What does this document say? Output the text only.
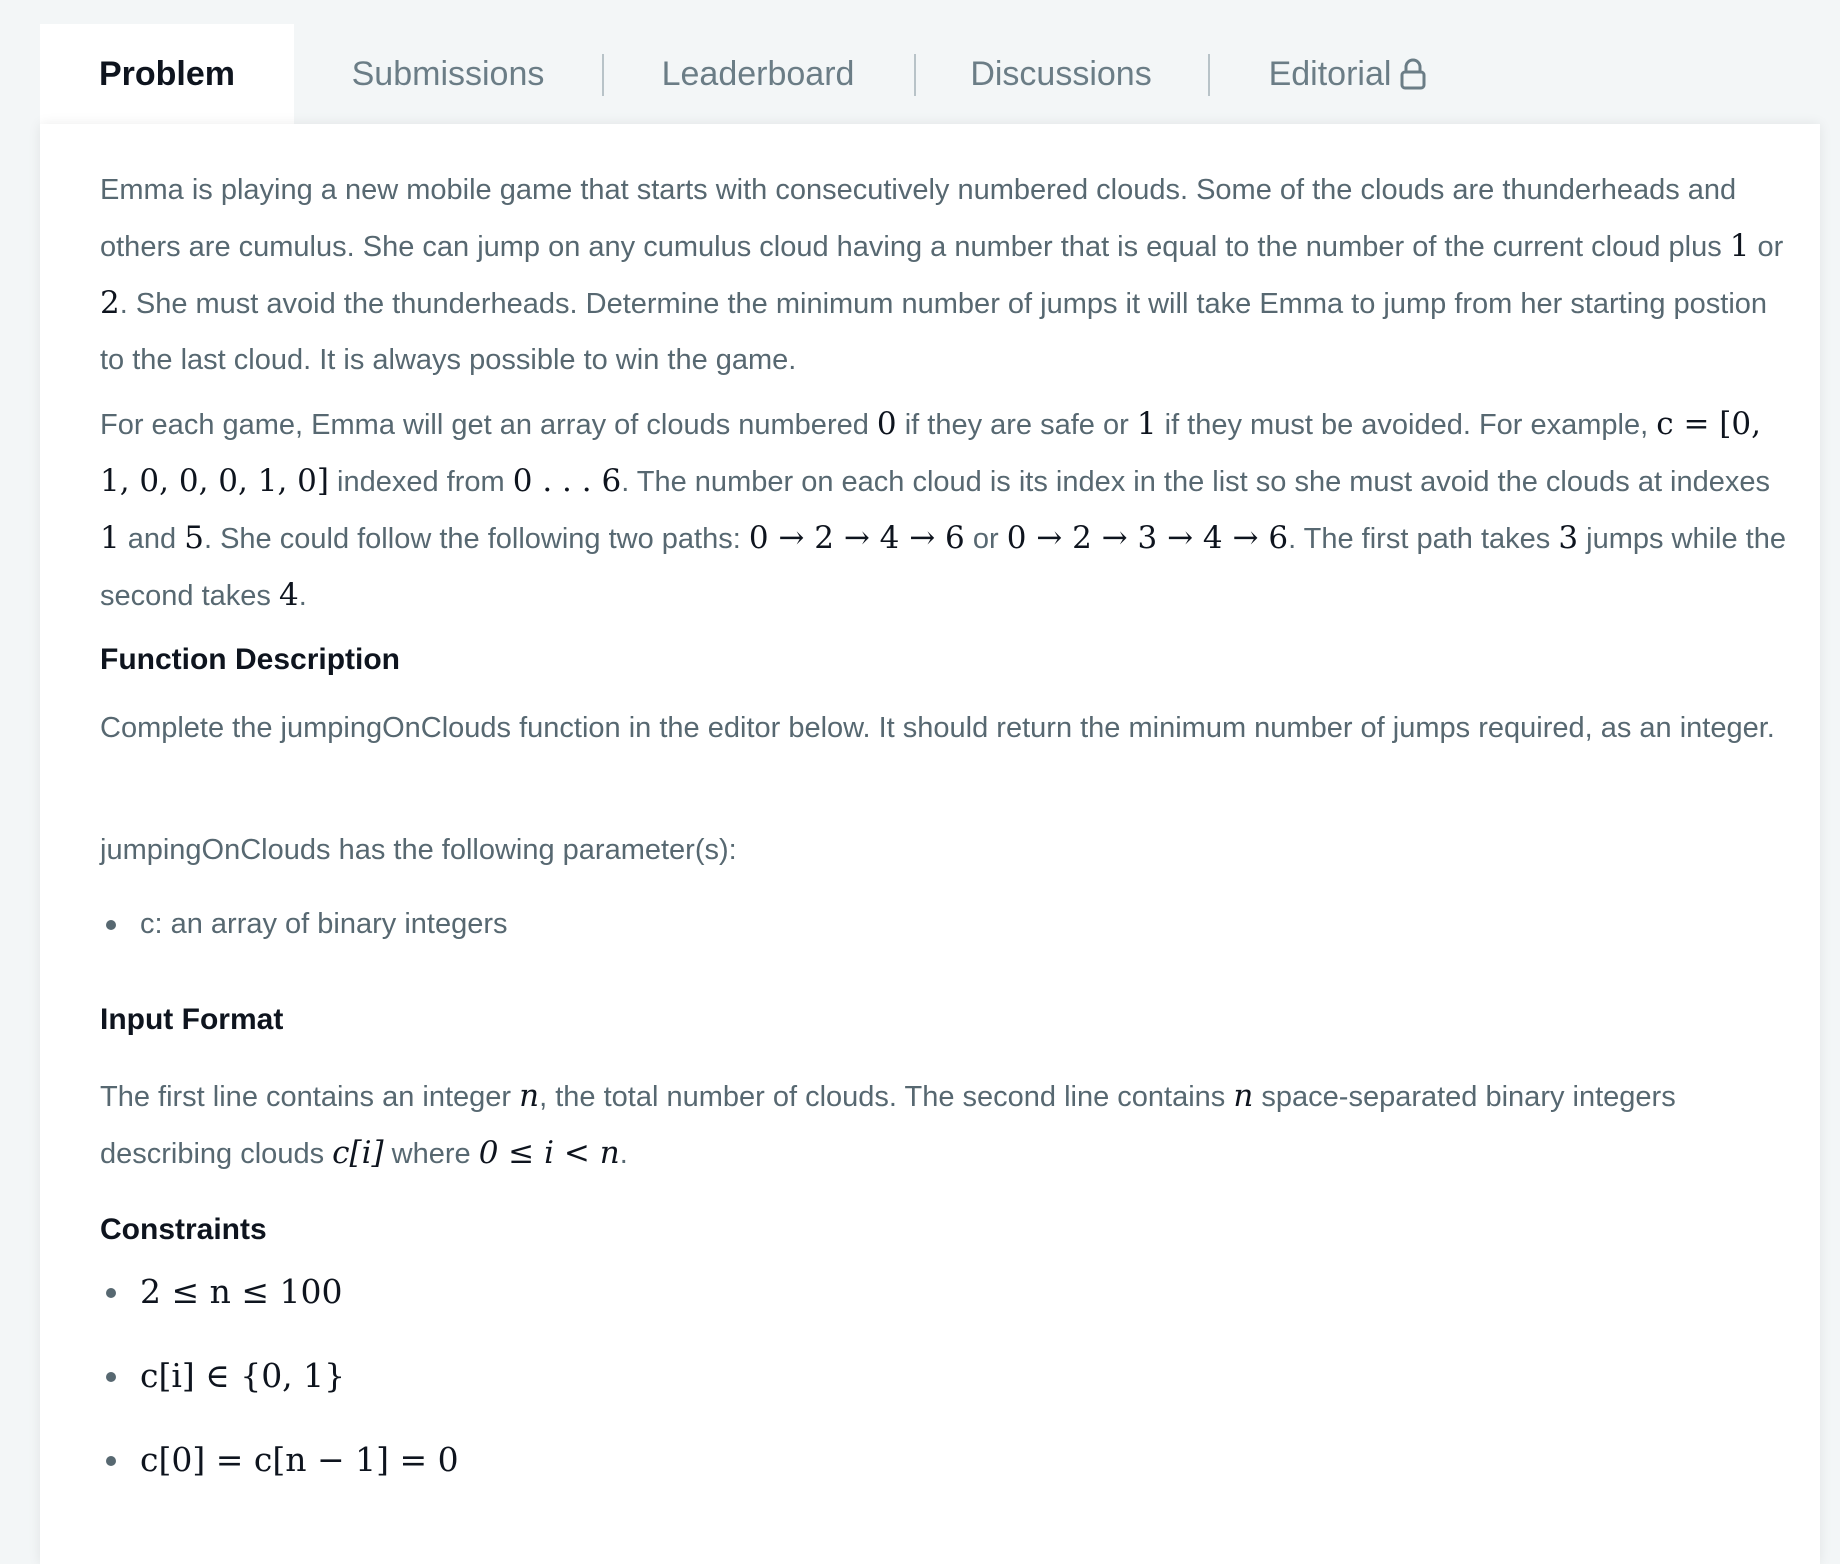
Problem	Submissions	Leaderboard	Discussions	Editorial

Emma is playing a new mobile game that starts with consecutively numbered clouds. Some of the clouds are thunderheads and others are cumulus. She can jump on any cumulus cloud having a number that is equal to the number of the current cloud plus 1 or 2. She must avoid the thunderheads. Determine the minimum number of jumps it will take Emma to jump from her starting postion to the last cloud. It is always possible to win the game.

For each game, Emma will get an array of clouds numbered 0 if they are safe or 1 if they must be avoided. For example, c = [0, 1, 0, 0, 0, 1, 0] indexed from 0 . . . 6. The number on each cloud is its index in the list so she must avoid the clouds at indexes 1 and 5. She could follow the following two paths: 0 → 2 → 4 → 6 or 0 → 2 → 3 → 4 → 6. The first path takes 3 jumps while the second takes 4.

Function Description

Complete the jumpingOnClouds function in the editor below. It should return the minimum number of jumps required, as an integer.

jumpingOnClouds has the following parameter(s):

c: an array of binary integers
Input Format

The first line contains an integer n, the total number of clouds. The second line contains n space-separated binary integers describing clouds c[i] where 0 ≤ i < n.

Constraints
2 ≤ n ≤ 100
c[i] ∈ {0, 1}
c[0] = c[n − 1] = 0
